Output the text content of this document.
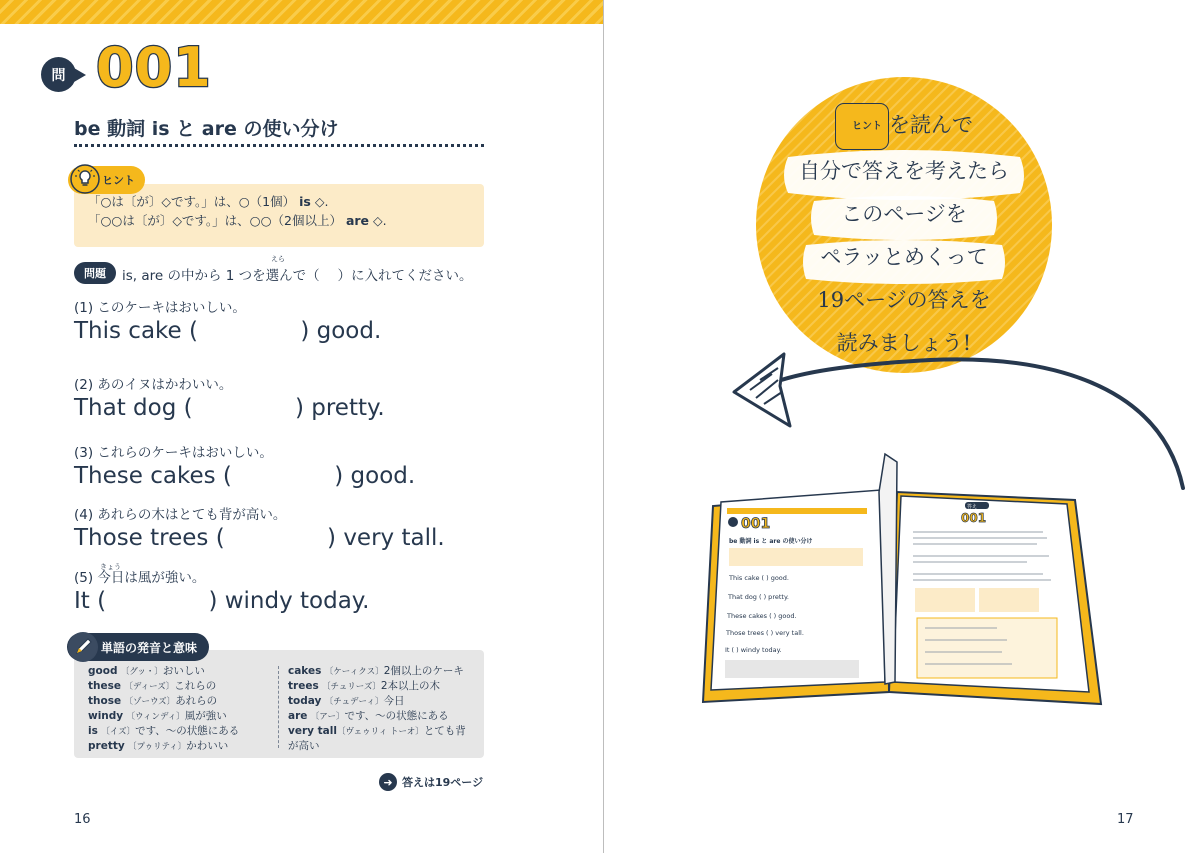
問 001
be 動詞 is と are の使い分け
「○は〔が〕◇です。」は、○（1個） is ◇.
「○○は〔が〕◇です。」は、○○（2個以上） are ◇.
ヒント
問題
えら
is, are の中から 1 つを選んで（　 ）に入れてください。
(1) このケーキはおいしい。
This cake (              ) good.
(2) あのイヌはかわいい。
That dog (              ) pretty.
(3) これらのケーキはおいしい。
These cakes (              ) good.
(4) あれらの木はとても背が高い。
Those trees (              ) very tall.
きょう
(5) 今日は風が強い。
It (              ) windy today.
単語の発音と意味
good 〔グッ・〕おいしい
these 〔ディーズ〕これらの
those 〔ゾーウズ〕あれらの
windy 〔ウィンディ〕風が強い
is 〔イズ〕です、〜の状態にある
pretty 〔プゥリティ〕かわいい
cakes 〔ケーィクス〕2個以上のケーキ
trees 〔チュリーズ〕2本以上の木
today 〔チュデーィ〕今日
are 〔アー〕です、〜の状態にある
very tall〔ヴェゥリィ トーオ〕とても背が高い
➜ 答えは19ページ
16
ヒント を読んで
自分で答えを考えたら
このページを
ペラッとめくって
19ページの答えを
読みましょう!
001
be 動詞 is と are の使い分け
This cake ( ) good.
That dog ( ) pretty.
These cakes ( ) good.
Those trees ( ) very tall.
It ( ) windy today.
答え
001
17
